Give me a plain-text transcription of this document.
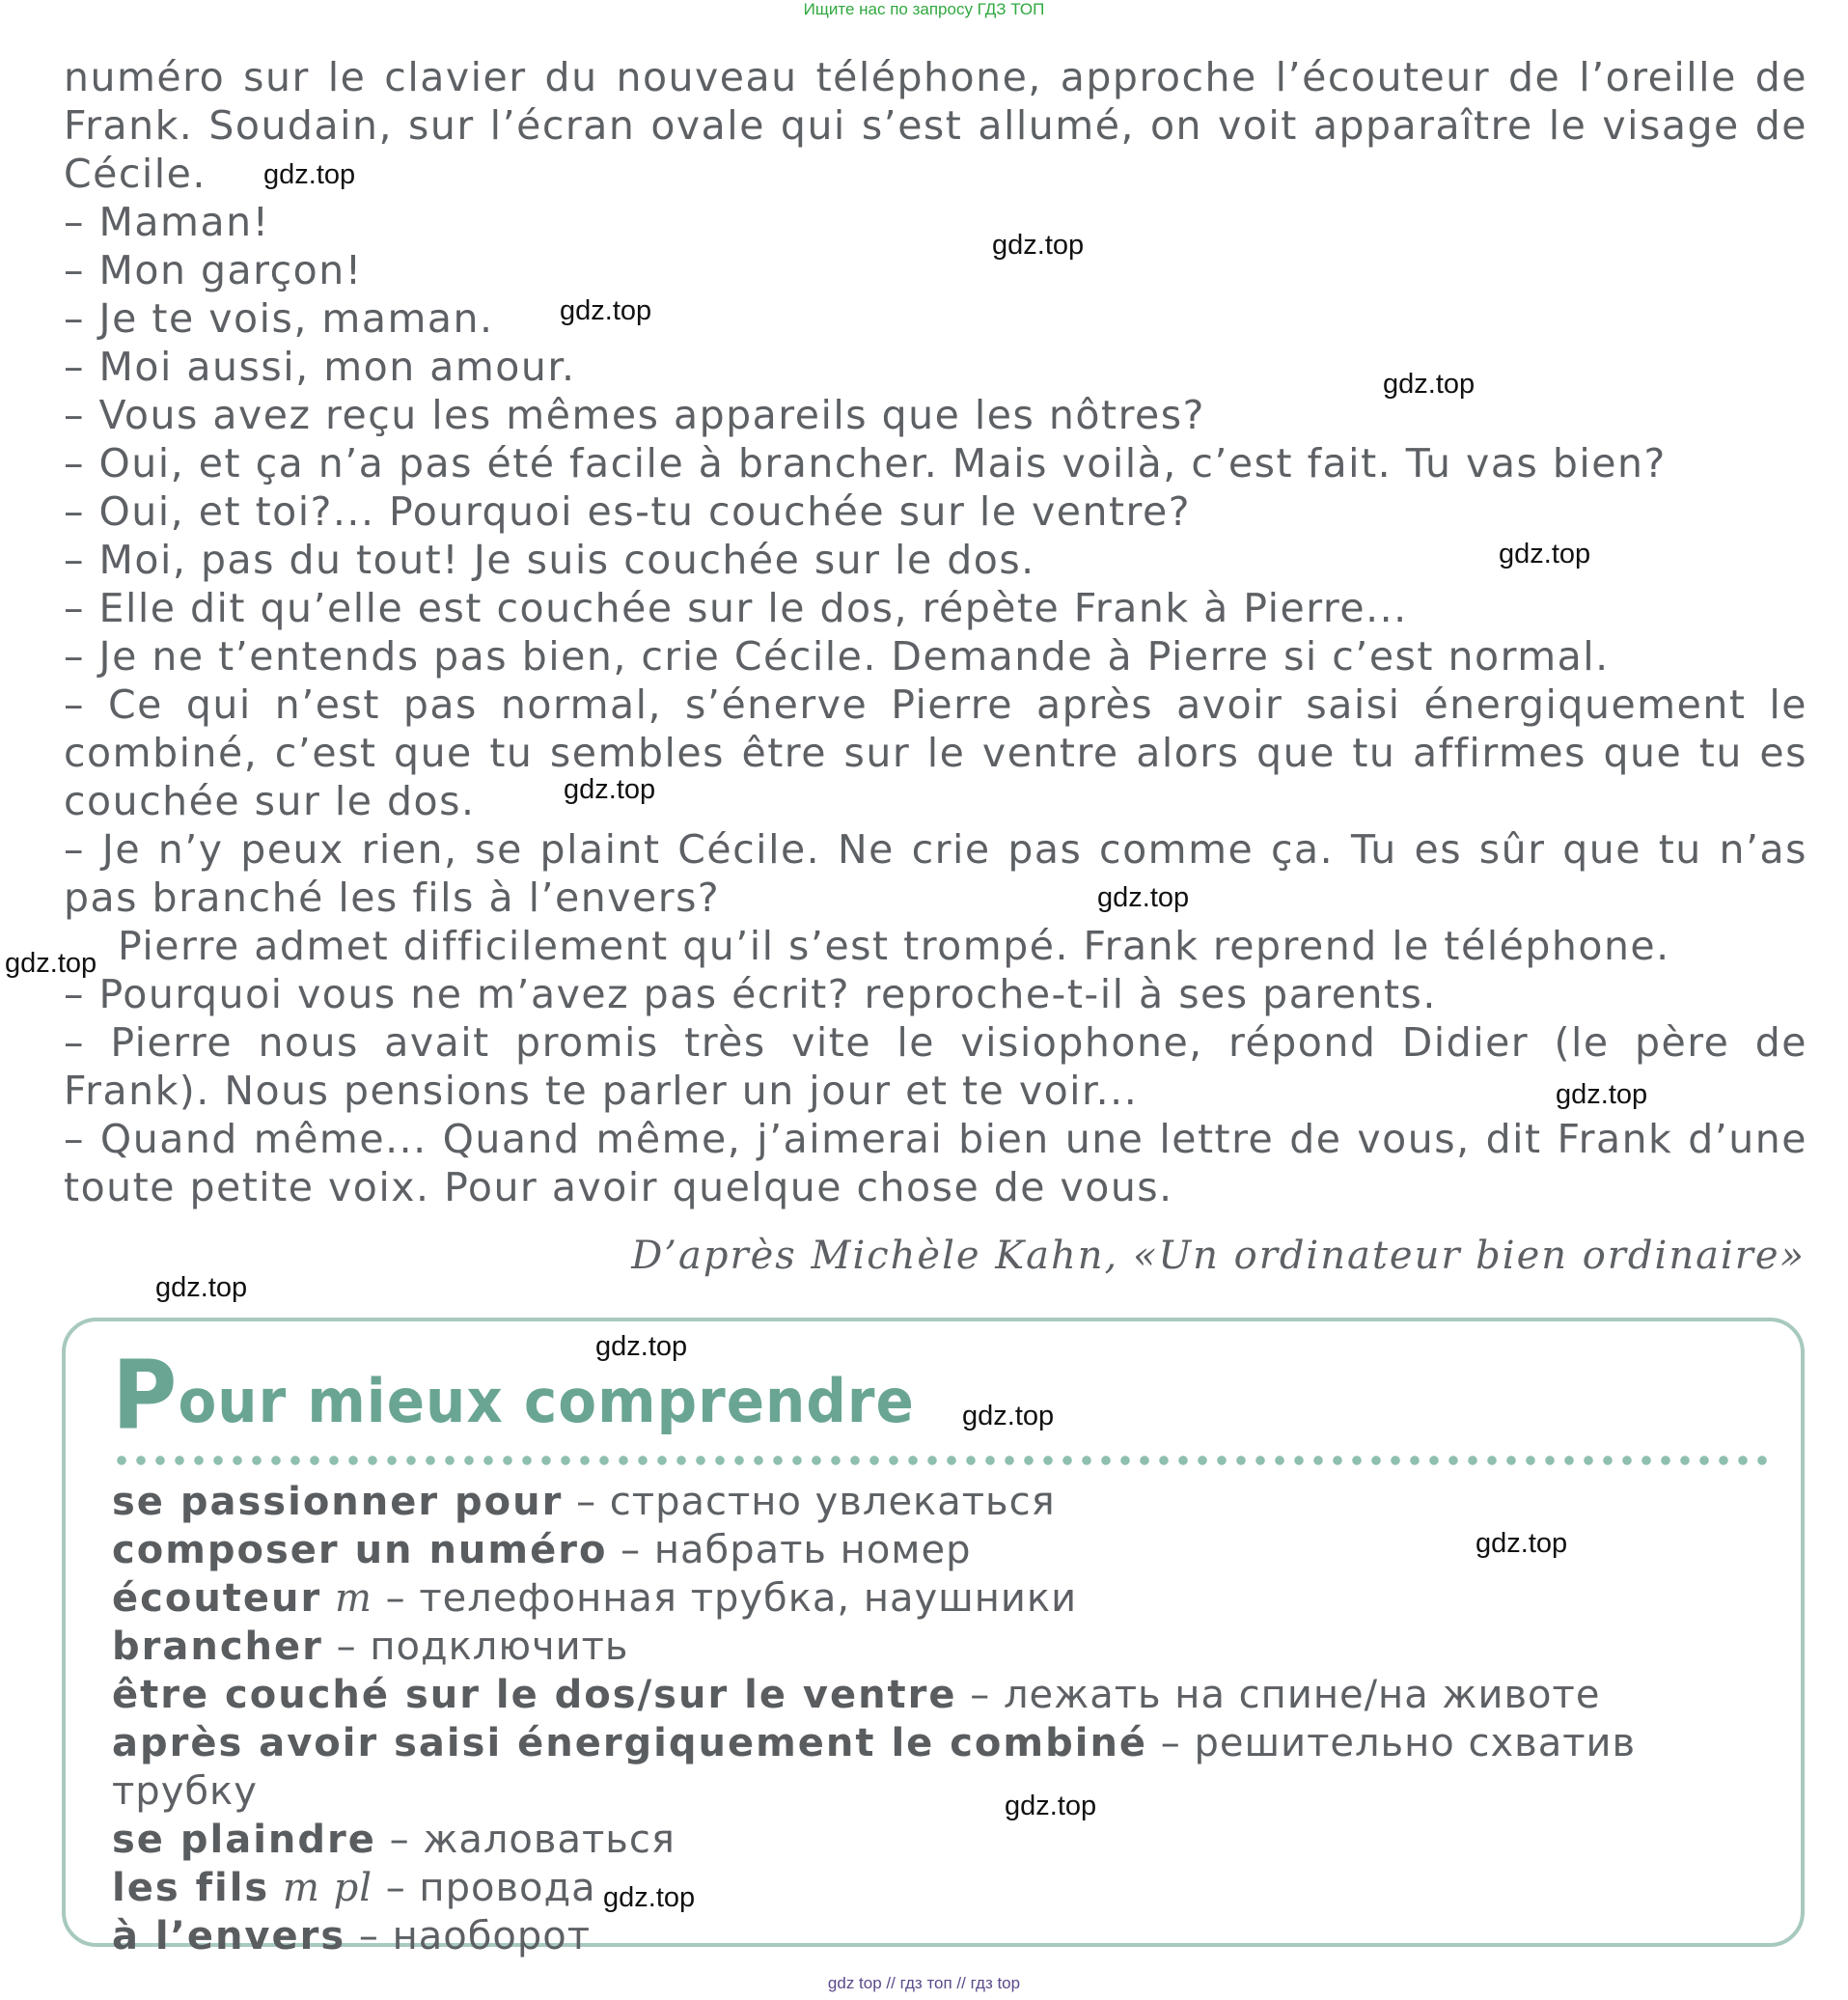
Ищите нас по запросу ГДЗ ТОП

numéro sur le clavier du nouveau téléphone, approche l’écouteur de l’oreille de Frank. Soudain, sur l’écran ovale qui s’est allumé, on voit apparaître le visage de Cécile.

– Maman!

– Mon garçon!

– Je te vois, maman.

– Moi aussi, mon amour.

– Vous avez reçu les mêmes appareils que les nôtres?

– Oui, et ça n’a pas été facile à brancher. Mais voilà, c’est fait. Tu vas bien?

– Oui, et toi?... Pourquoi es-tu couchée sur le ventre?

– Moi, pas du tout! Je suis couchée sur le dos.

– Elle dit qu’elle est couchée sur le dos, répète Frank à Pierre...

– Je ne t’entends pas bien, crie Cécile. Demande à Pierre si c’est normal.

– Ce qui n’est pas normal, s’énerve Pierre après avoir saisi énergiquement le combiné, c’est que tu sembles être sur le ventre alors que tu affirmes que tu es couchée sur le dos.

– Je n’y peux rien, se plaint Cécile. Ne crie pas comme ça. Tu es sûr que tu n’as pas branché les fils à l’envers?

Pierre admet difficilement qu’il s’est trompé. Frank reprend le téléphone.

– Pourquoi vous ne m’avez pas écrit? reproche-t-il à ses parents.

– Pierre nous avait promis très vite le visiophone, répond Didier (le père de Frank). Nous pensions te parler un jour et te voir...

– Quand même... Quand même, j’aimerai bien une lettre de vous, dit Frank d’une toute petite voix. Pour avoir quelque chose de vous.

D’après Michèle Kahn, «Un ordinateur bien ordinaire»
Pour mieux comprendre

se passionner pour – страстно увлекаться

composer un numéro – набрать номер

écouteur m – телефонная трубка, наушники

brancher – подключить

être couché sur le dos/sur le ventre – лежать на спине/на животе

après avoir saisi énergiquement le combiné – решительно схватив трубку

se plaindre – жаловаться

les fils m pl – провода

à l’envers – наоборот

gdz.top
gdz.top
gdz.top
gdz.top
gdz.top
gdz.top
gdz.top
gdz.top
gdz.top
gdz.top
gdz.top
gdz.top
gdz.top
gdz.top
gdz.top
gdz top // гдз топ // гдз top
